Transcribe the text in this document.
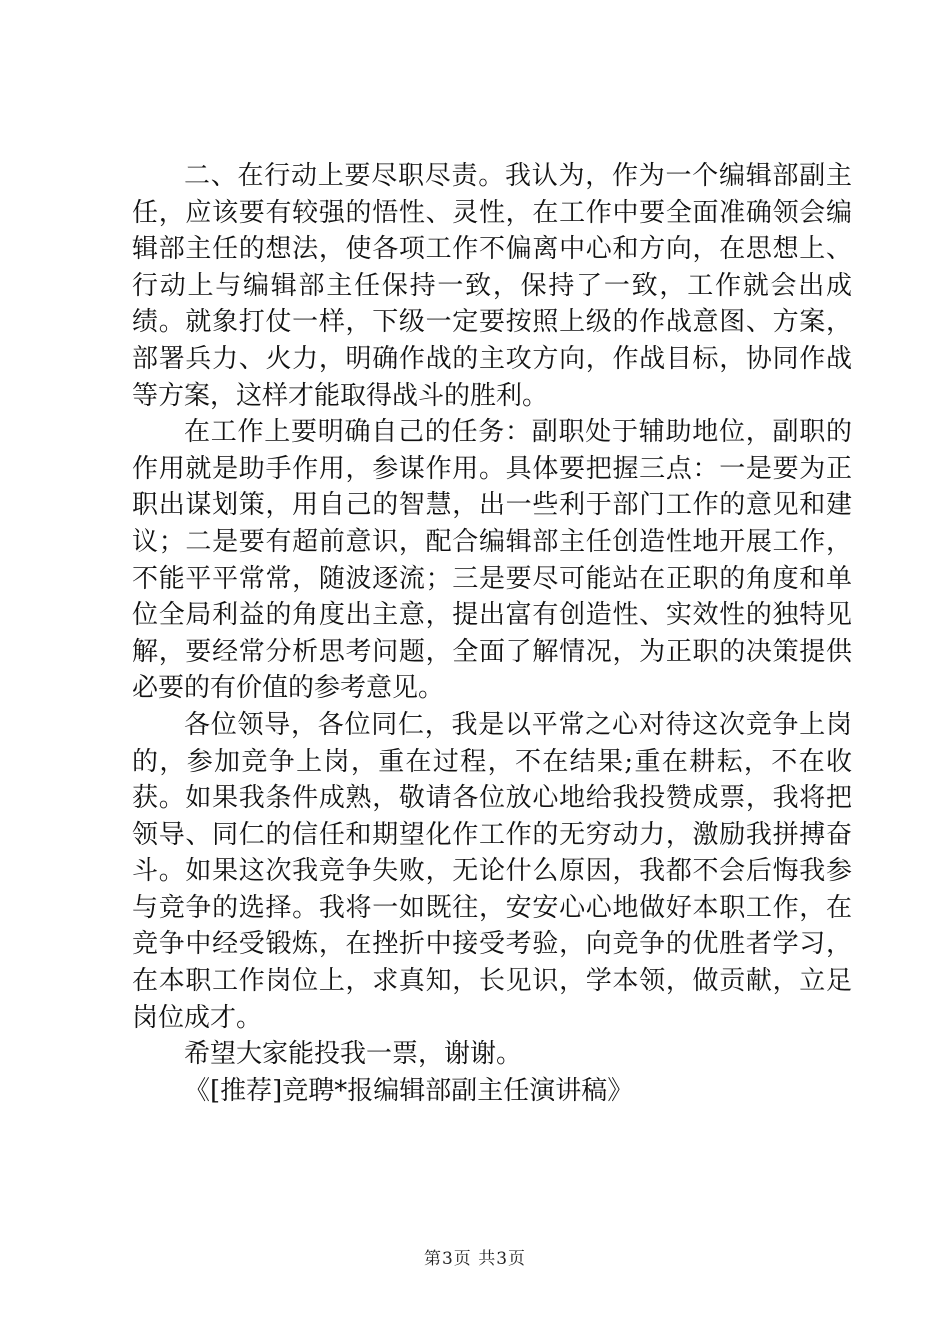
二、在行动上要尽职尽责。我认为，作为一个编辑部副主任，应该要有较强的悟性、灵性，在工作中要全面准确领会编辑部主任的想法，使各项工作不偏离中心和方向，在思想上、行动上与编辑部主任保持一致，保持了一致，工作就会出成绩。就象打仗一样，下级一定要按照上级的作战意图、方案，部署兵力、火力，明确作战的主攻方向，作战目标，协同作战等方案，这样才能取得战斗的胜利。

在工作上要明确自己的任务：副职处于辅助地位，副职的作用就是助手作用，参谋作用。具体要把握三点：一是要为正职出谋划策，用自己的智慧，出一些利于部门工作的意见和建议；二是要有超前意识，配合编辑部主任创造性地开展工作，不能平平常常，随波逐流；三是要尽可能站在正职的角度和单位全局利益的角度出主意，提出富有创造性、实效性的独特见解，要经常分析思考问题，全面了解情况，为正职的决策提供必要的有价值的参考意见。

各位领导，各位同仁，我是以平常之心对待这次竞争上岗的，参加竞争上岗，重在过程，不在结果;重在耕耘，不在收获。如果我条件成熟，敬请各位放心地给我投赞成票，我将把领导、同仁的信任和期望化作工作的无穷动力，激励我拼搏奋斗。如果这次我竞争失败，无论什么原因，我都不会后悔我参与竞争的选择。我将一如既往，安安心心地做好本职工作，在竞争中经受锻炼，在挫折中接受考验，向竞争的优胜者学习，在本职工作岗位上，求真知，长见识，学本领，做贡献，立足岗位成才。

希望大家能投我一票，谢谢。

《[推荐]竞聘*报编辑部副主任演讲稿》

第3页 共3页
